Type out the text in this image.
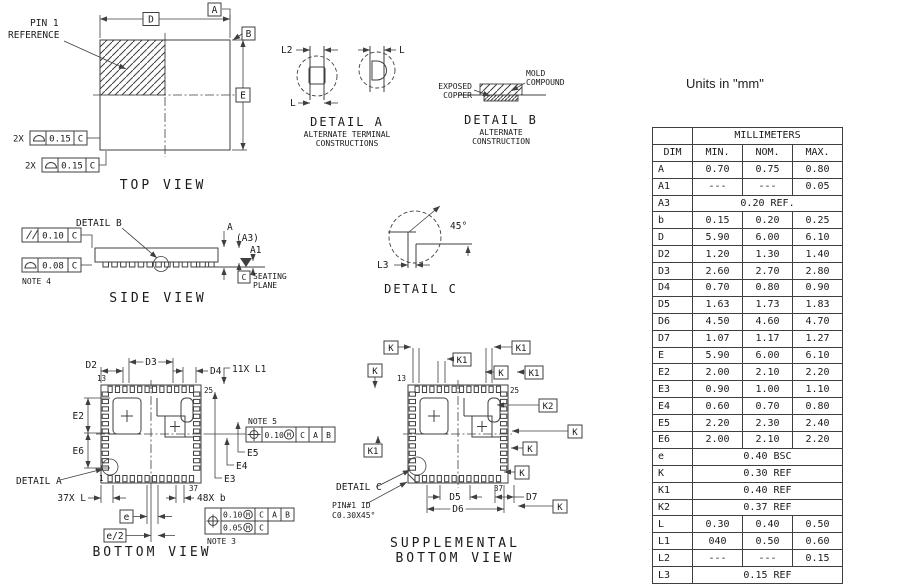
PIN 1
REFERENCE
D
A
B
E
2X	0.15 C
2X	0.15 C
TOP VIEW
L2
L
L
DETAIL A
ALTERNATE TERMINAL
CONSTRUCTIONS
EXPOSED
COPPER
MOLD
COMPOUND
DETAIL B
ALTERNATE
CONSTRUCTION
0.10 C
0.08 C
NOTE 4
DETAIL B	A
(A3)
A1
C SEATING
PLANE
SIDE VIEW
45°
L3
DETAIL C
13
25
1
37
D2	D3
D4 11X L1
E2
E6
NOTE 5
0.10 M C A B
E5
E4
E3
DETAIL A
37X L	48X b
e
e/2
0.10 M C A B
0.05 M C
NOTE 3
BOTTOM VIEW
13
25
37
K	K1
K1
K	K1
K
K2
K
K1	K
K
K
D5	D7
D6
DETAIL C
PIN#1 ID
C0.30X45°
SUPPLEMENTAL
BOTTOM VIEW
Units in "mm"
	MILLIMETERS		
DIM	MIN.	NOM.	MAX.
A	0.70	0.75	0.80
A1	---	---	0.05
A3	0.20 REF.		
b	0.15	0.20	0.25
D	5.90	6.00	6.10
D2	1.20	1.30	1.40
D3	2.60	2.70	2.80
D4	0.70	0.80	0.90
D5	1.63	1.73	1.83
D6	4.50	4.60	4.70
D7	1.07	1.17	1.27
E	5.90	6.00	6.10
E2	2.00	2.10	2.20
E3	0.90	1.00	1.10
E4	0.60	0.70	0.80
E5	2.20	2.30	2.40
E6	2.00	2.10	2.20
e	0.40 BSC		
K	0.30 REF		
K1	0.40 REF		
K2	0.37 REF		
L	0.30	0.40	0.50
L1	040	0.50	0.60
L2	---	---	0.15
L3	0.15 REF		
